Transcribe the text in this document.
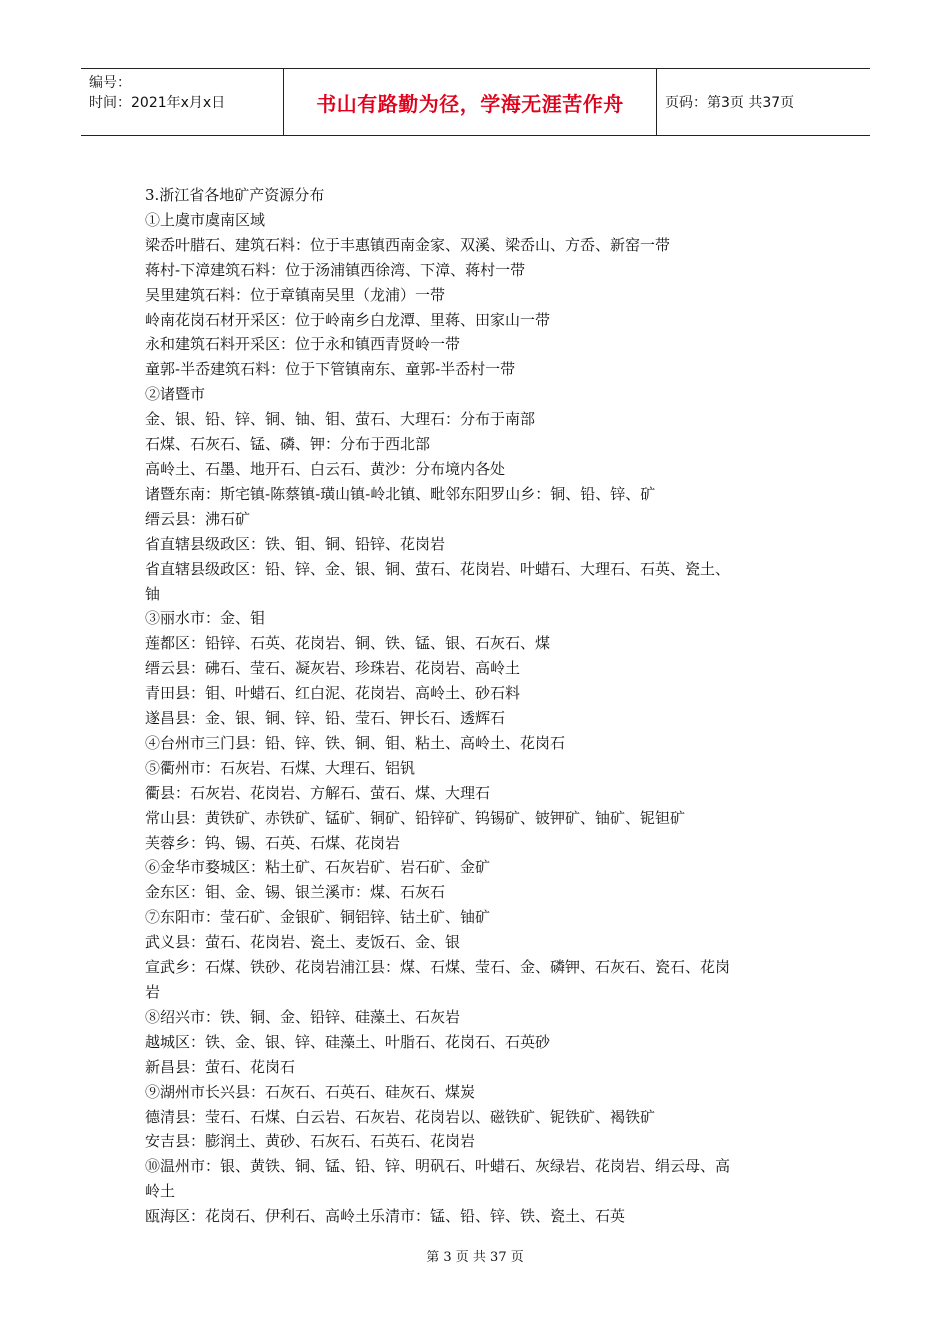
编号：
时间：2021年x月x日	书山有路勤为径，学海无涯苦作舟	页码：第3页 共37页
3.浙江省各地矿产资源分布
①上虞市虞南区域
梁岙叶腊石、建筑石料：位于丰惠镇西南金家、双溪、梁岙山、方岙、新窑一带
蒋村-下漳建筑石料：位于汤浦镇西徐湾、下漳、蒋村一带
吴里建筑石料：位于章镇南吴里（龙浦）一带
岭南花岗石材开采区：位于岭南乡白龙潭、里蒋、田家山一带
永和建筑石料开采区：位于永和镇西青贤岭一带
童郭-半岙建筑石料：位于下管镇南东、童郭-半岙村一带
②诸暨市
金、银、铅、锌、铜、铀、钼、萤石、大理石：分布于南部
石煤、石灰石、锰、磷、钾：分布于西北部
高岭土、石墨、地开石、白云石、黄沙：分布境内各处
诸暨东南：斯宅镇-陈蔡镇-璜山镇-岭北镇、毗邻东阳罗山乡：铜、铅、锌、矿
缙云县：沸石矿
省直辖县级政区：铁、钼、铜、铅锌、花岗岩
省直辖县级政区：铅、锌、金、银、铜、萤石、花岗岩、叶蜡石、大理石、石英、瓷土、
铀
③丽水市：金、钼
莲都区：铅锌、石英、花岗岩、铜、铁、锰、银、石灰石、煤
缙云县：砩石、莹石、凝灰岩、珍珠岩、花岗岩、高岭土
青田县：钼、叶蜡石、红白泥、花岗岩、高岭土、砂石料
遂昌县：金、银、铜、锌、铅、莹石、钾长石、透辉石
④台州市三门县：铅、锌、铁、铜、钼、粘土、高岭土、花岗石
⑤衢州市：石灰岩、石煤、大理石、铝钒
衢县：石灰岩、花岗岩、方解石、萤石、煤、大理石
常山县：黄铁矿、赤铁矿、锰矿、铜矿、铅锌矿、钨锡矿、铍钾矿、铀矿、铌钽矿
芙蓉乡：钨、锡、石英、石煤、花岗岩
⑥金华市婺城区：粘土矿、石灰岩矿、岩石矿、金矿
金东区：钼、金、锡、银兰溪市：煤、石灰石
⑦东阳市：莹石矿、金银矿、铜铝锌、钴土矿、铀矿
武义县：萤石、花岗岩、瓷土、麦饭石、金、银
宣武乡：石煤、铁砂、花岗岩浦江县：煤、石煤、莹石、金、磷钾、石灰石、瓷石、花岗
岩
⑧绍兴市：铁、铜、金、铅锌、硅藻土、石灰岩
越城区：铁、金、银、锌、硅藻土、叶脂石、花岗石、石英砂
新昌县：萤石、花岗石
⑨湖州市长兴县：石灰石、石英石、硅灰石、煤炭
德清县：莹石、石煤、白云岩、石灰岩、花岗岩以、磁铁矿、铌铁矿、褐铁矿
安吉县：膨润土、黄砂、石灰石、石英石、花岗岩
⑩温州市：银、黄铁、铜、锰、铅、锌、明矾石、叶蜡石、灰绿岩、花岗岩、绢云母、高
岭土
瓯海区：花岗石、伊利石、高岭土乐清市：锰、铅、锌、铁、瓷土、石英
第 3 页 共 37 页
